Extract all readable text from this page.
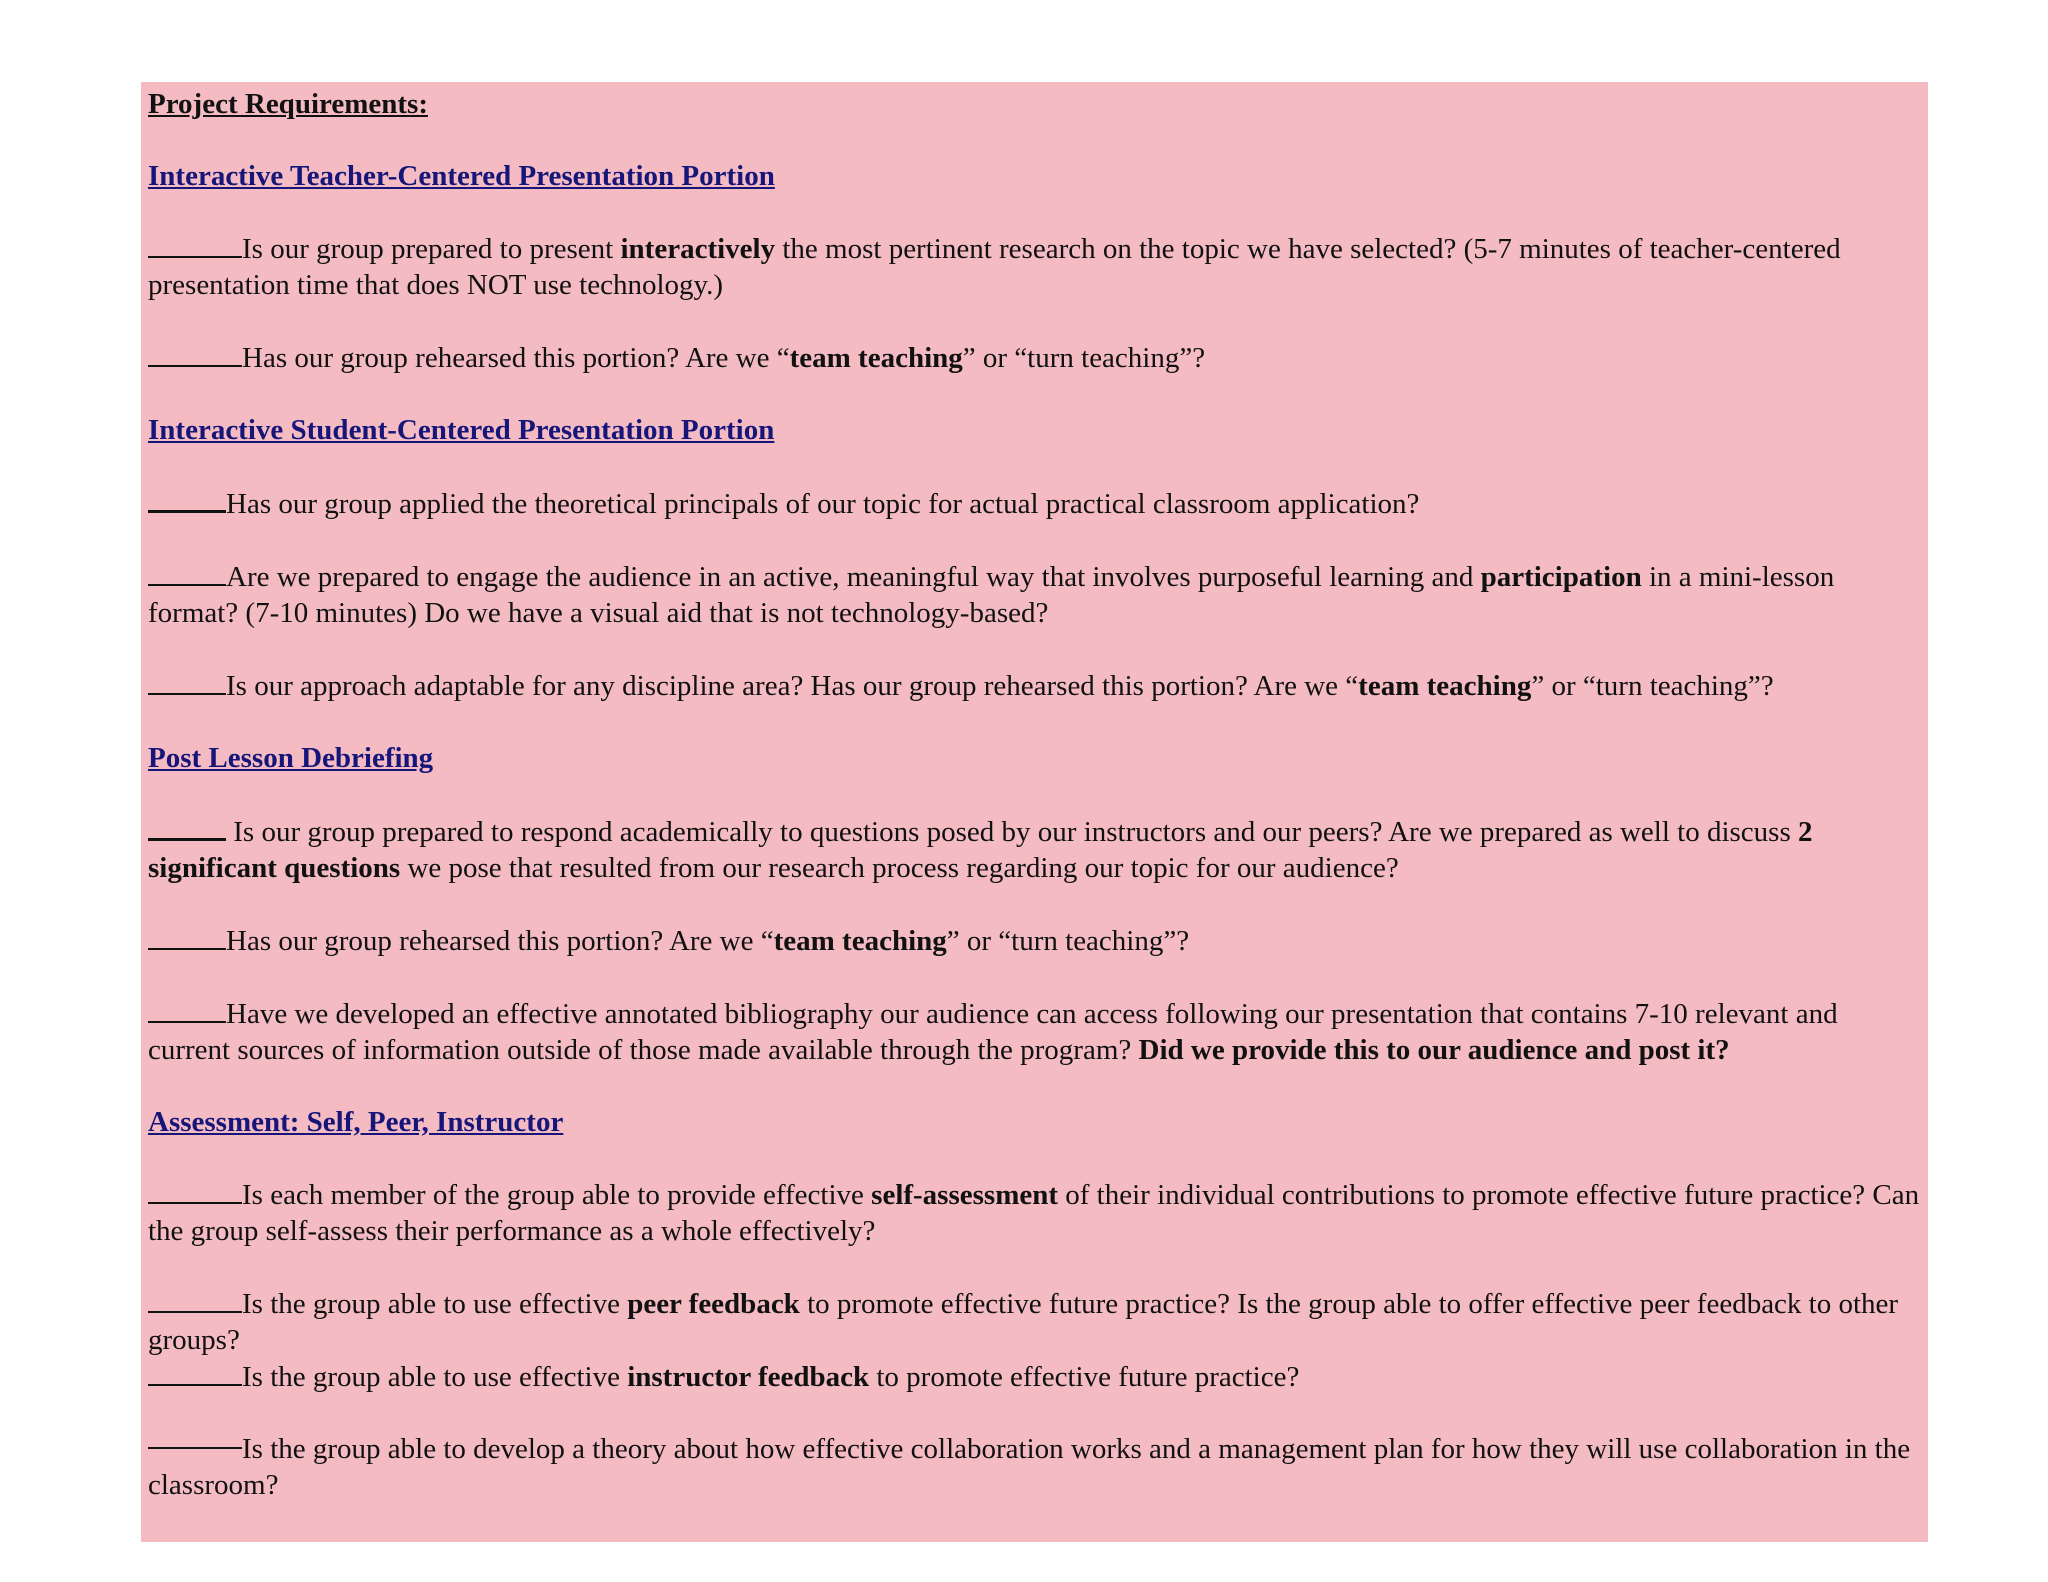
Project Requirements:
Interactive Teacher-Centered Presentation Portion
Is our group prepared to present interactively the most pertinent research on the topic we have selected? (5-7 minutes of teacher-centered presentation time that does NOT use technology.)
Has our group rehearsed this portion? Are we “team teaching” or “turn teaching”?
Interactive Student-Centered Presentation Portion
Has our group applied the theoretical principals of our topic for actual practical classroom application?
Are we prepared to engage the audience in an active, meaningful way that involves purposeful learning and participation in a mini-lesson format? (7-10 minutes) Do we have a visual aid that is not technology-based?
Is our approach adaptable for any discipline area? Has our group rehearsed this portion? Are we “team teaching” or “turn teaching”?
Post Lesson Debriefing
Is our group prepared to respond academically to questions posed by our instructors and our peers? Are we prepared as well to discuss 2 significant questions we pose that resulted from our research process regarding our topic for our audience?
Has our group rehearsed this portion? Are we “team teaching” or “turn teaching”?
Have we developed an effective annotated bibliography our audience can access following our presentation that contains 7-10 relevant and current sources of information outside of those made available through the program? Did we provide this to our audience and post it?
Assessment: Self, Peer, Instructor
Is each member of the group able to provide effective self-assessment of their individual contributions to promote effective future practice? Can the group self-assess their performance as a whole effectively?
Is the group able to use effective peer feedback to promote effective future practice? Is the group able to offer effective peer feedback to other groups?
Is the group able to use effective instructor feedback to promote effective future practice?
Is the group able to develop a theory about how effective collaboration works and a management plan for how they will use collaboration in the classroom?
